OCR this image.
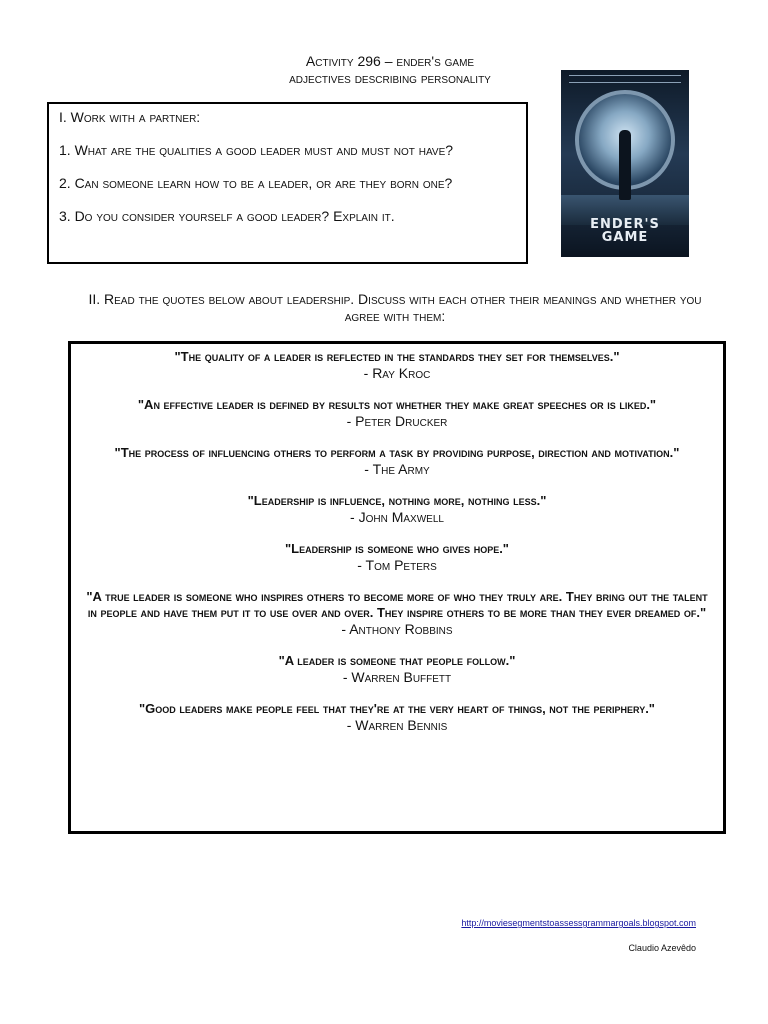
Activity 296 – ender's game
adjectives describing personality
I. Work with a partner:
1. What are the qualities a good leader must and must not have?
2. Can someone learn how to be a leader, or are they born one?
3. Do you consider yourself a good leader? Explain it.
ENDER'S
GAME
II. Read the quotes below about leadership. Discuss with each other their meanings and whether you agree with them:
"The quality of a leader is reflected in the standards they set for themselves."
- Ray Kroc
"An effective leader is defined by results not whether they make great speeches or is liked."
- Peter Drucker
"The process of influencing others to perform a task by providing purpose, direction and motivation."
- The Army
"Leadership is influence, nothing more, nothing less."
- John Maxwell
"Leadership is someone who gives hope."
- Tom Peters
"A true leader is someone who inspires others to become more of who they truly are. They bring out the talent in people and have them put it to use over and over. They inspire others to be more than they ever dreamed of."
- Anthony Robbins
"A leader is someone that people follow."
- Warren Buffett
"Good leaders make people feel that they're at the very heart of things, not the periphery."
- Warren Bennis
http://moviesegmentstoassessgrammargoals.blogspot.com
Claudio Azevêdo
